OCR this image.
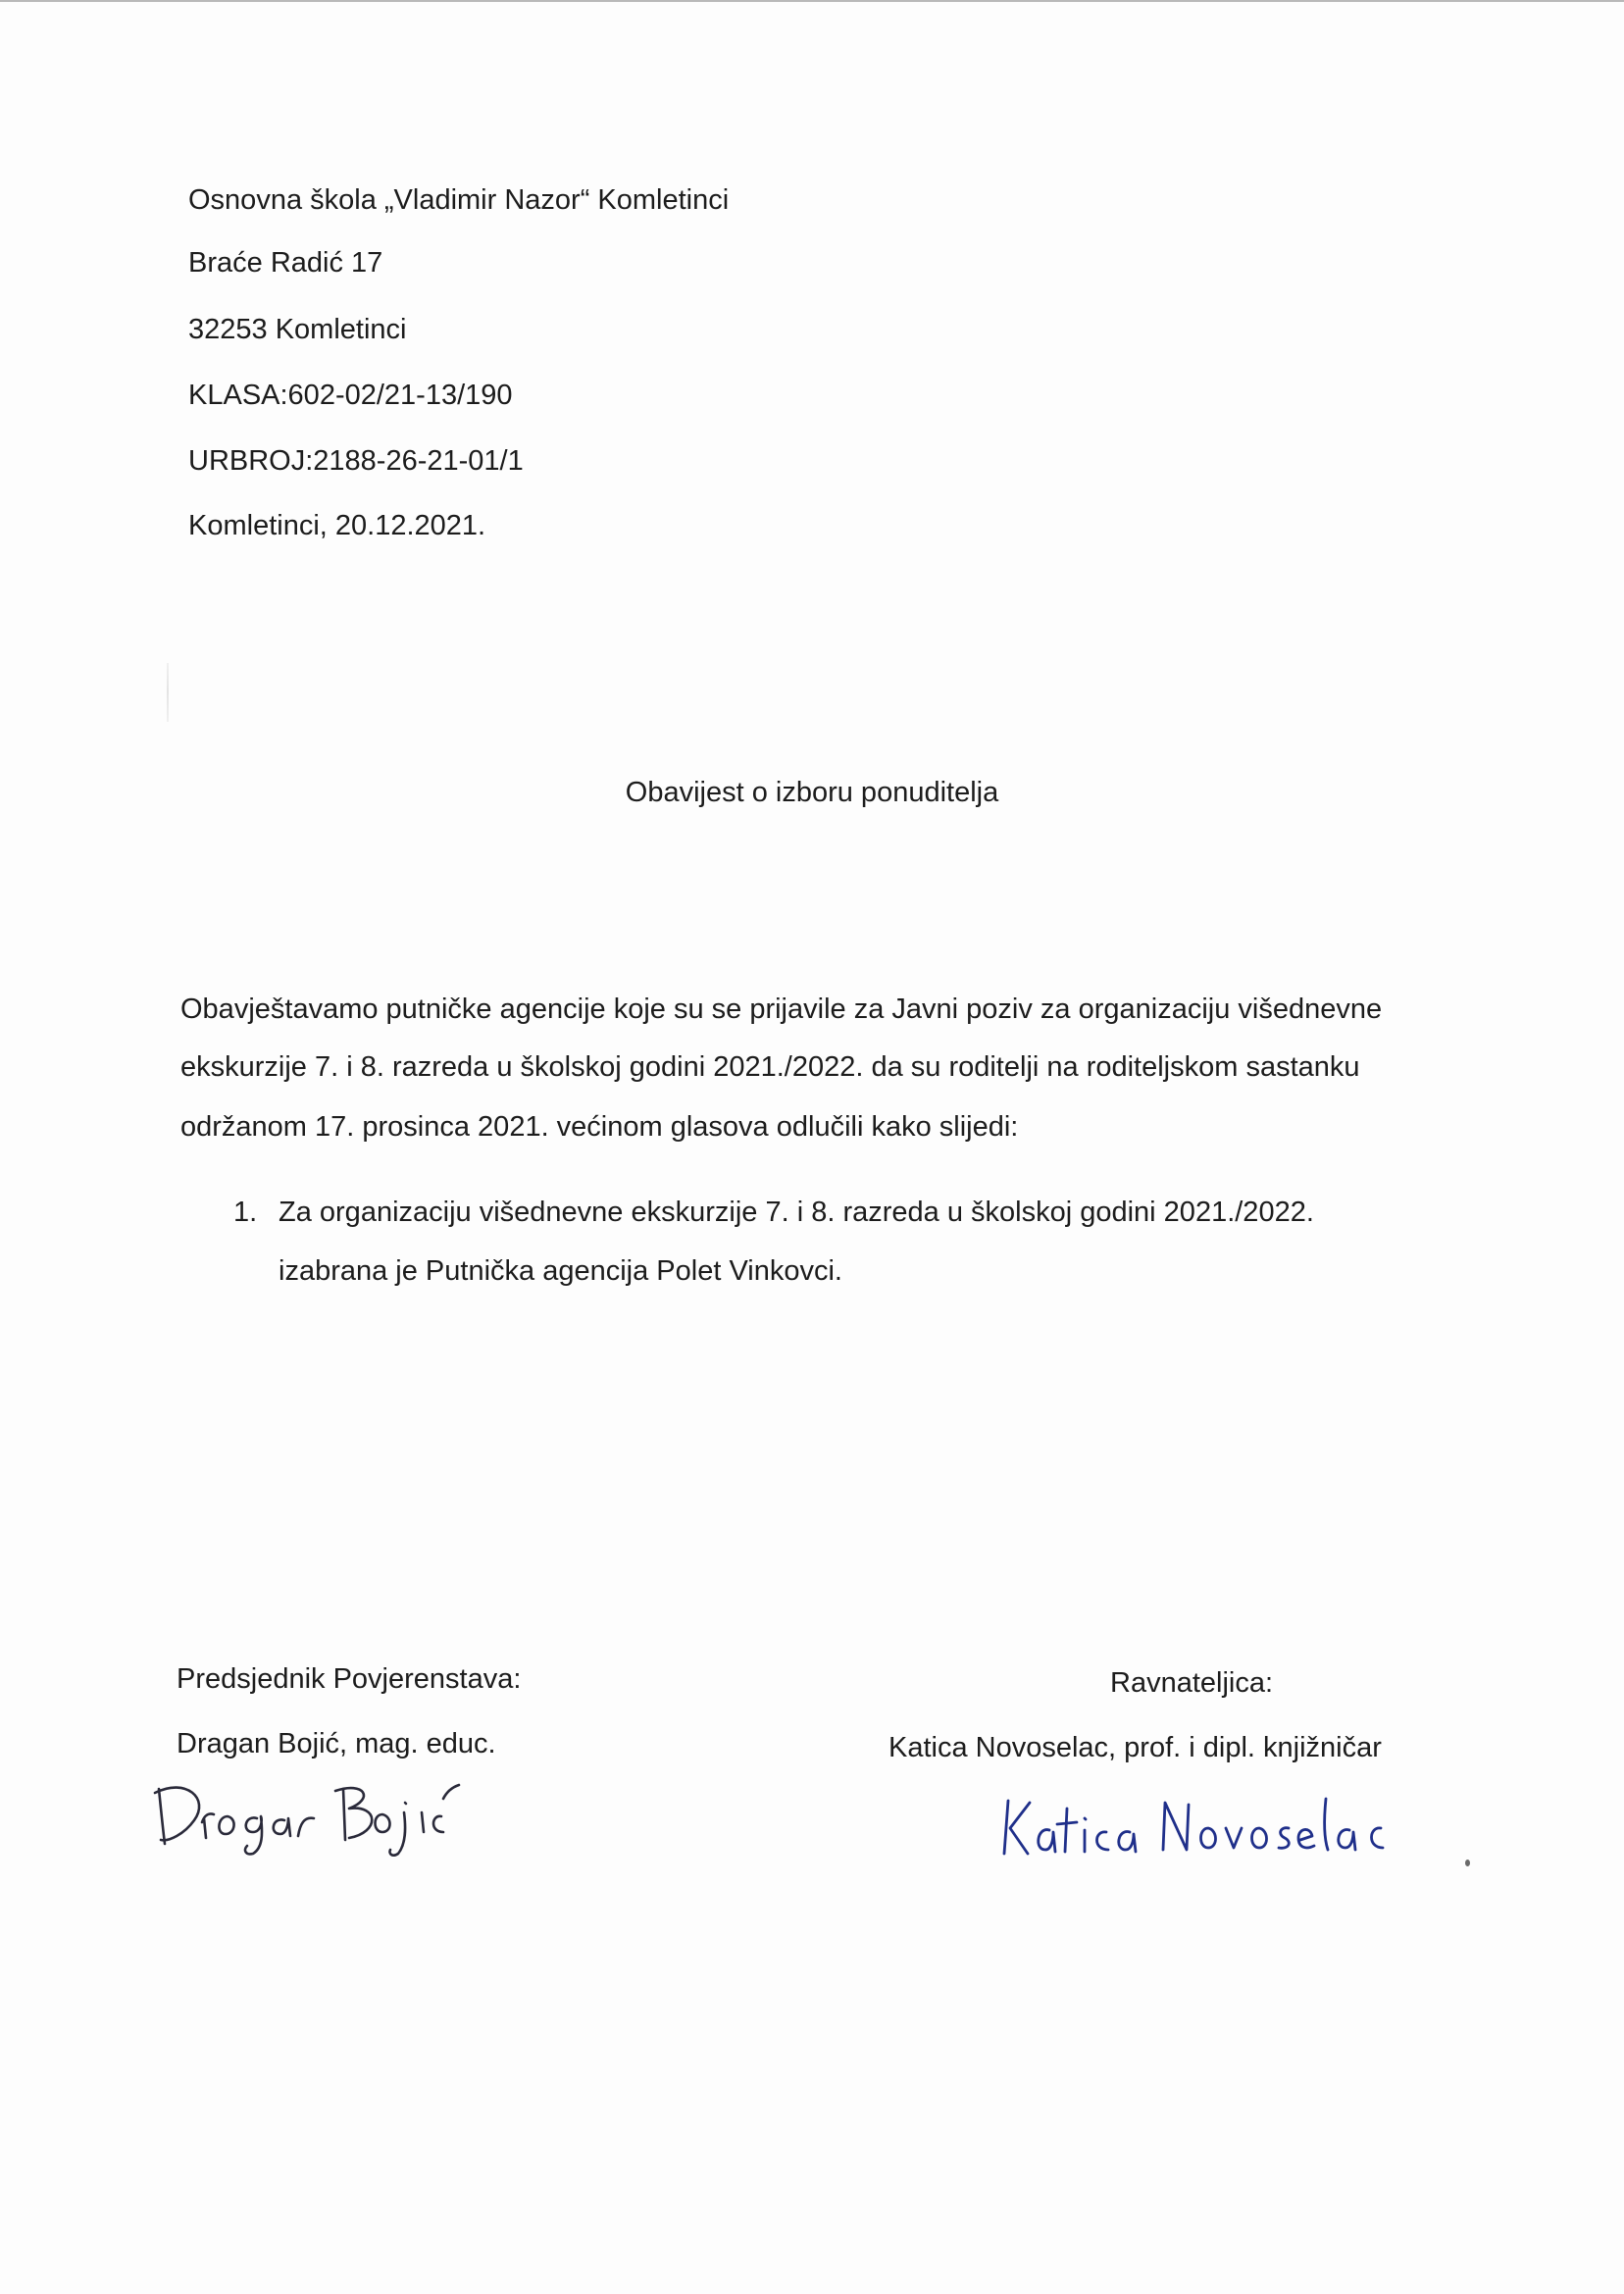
Osnovna škola „Vladimir Nazor“ Komletinci
Braće Radić 17
32253 Komletinci
KLASA:602-02/21-13/190
URBROJ:2188-26-21-01/1
Komletinci, 20.12.2021.
Obavijest o izboru ponuditelja
Obavještavamo putničke agencije koje su se prijavile za Javni poziv za organizaciju višednevne
ekskurzije 7. i 8. razreda u školskoj godini 2021./2022. da su roditelji na roditeljskom sastanku
održanom 17. prosinca 2021. većinom glasova odlučili kako slijedi:
1. Za organizaciju višednevne ekskurzije 7. i 8. razreda u školskoj godini 2021./2022.
izabrana je Putnička agencija Polet Vinkovci.
Predsjednik Povjerenstava:
Dragan Bojić, mag. educ.
Ravnateljica:
Katica Novoselac, prof. i dipl. knjižničar
